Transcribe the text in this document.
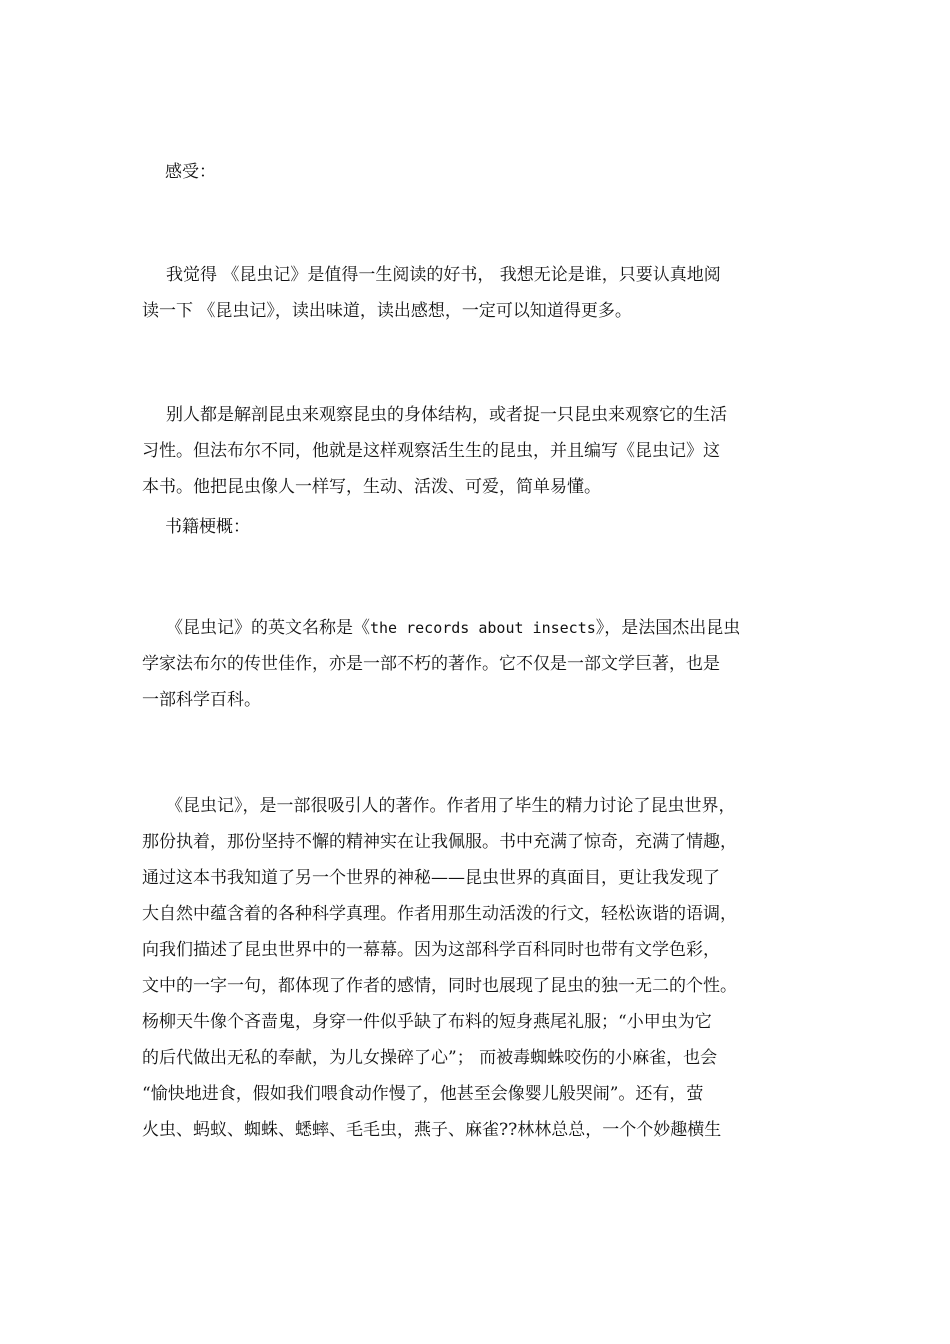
感受：

我觉得 《昆虫记》是值得一生阅读的好书， 我想无论是谁，只要认真地阅
读一下 《昆虫记》，读出味道，读出感想，一定可以知道得更多。
别人都是解剖昆虫来观察昆虫的身体结构，或者捉一只昆虫来观察它的生活
习性。但法布尔不同，他就是这样观察活生生的昆虫，并且编写《昆虫记》这
本书。他把昆虫像人一样写，生动、活泼、可爱，简单易懂。

书籍梗概：

《昆虫记》的英文名称是《the records about insects》，是法国杰出昆虫
学家法布尔的传世佳作，亦是一部不朽的著作。它不仅是一部文学巨著，也是
一部科学百科。
《昆虫记》，是一部很吸引人的著作。作者用了毕生的精力讨论了昆虫世界，
那份执着，那份坚持不懈的精神实在让我佩服。书中充满了惊奇，充满了情趣，
通过这本书我知道了另一个世界的神秘——昆虫世界的真面目，更让我发现了
大自然中蕴含着的各种科学真理。作者用那生动活泼的行文，轻松诙谐的语调，
向我们描述了昆虫世界中的一幕幕。因为这部科学百科同时也带有文学色彩，
文中的一字一句，都体现了作者的感情，同时也展现了昆虫的独一无二的个性。
杨柳天牛像个吝啬鬼，身穿一件似乎缺了布料的短身燕尾礼服；“小甲虫为它
的后代做出无私的奉献，为儿女操碎了心”； 而被毒蜘蛛咬伤的小麻雀，也会
“愉快地进食，假如我们喂食动作慢了，他甚至会像婴儿般哭闹”。还有，萤
火虫、蚂蚁、蜘蛛、蟋蟀、毛毛虫，燕子、麻雀??林林总总，一个个妙趣横生
